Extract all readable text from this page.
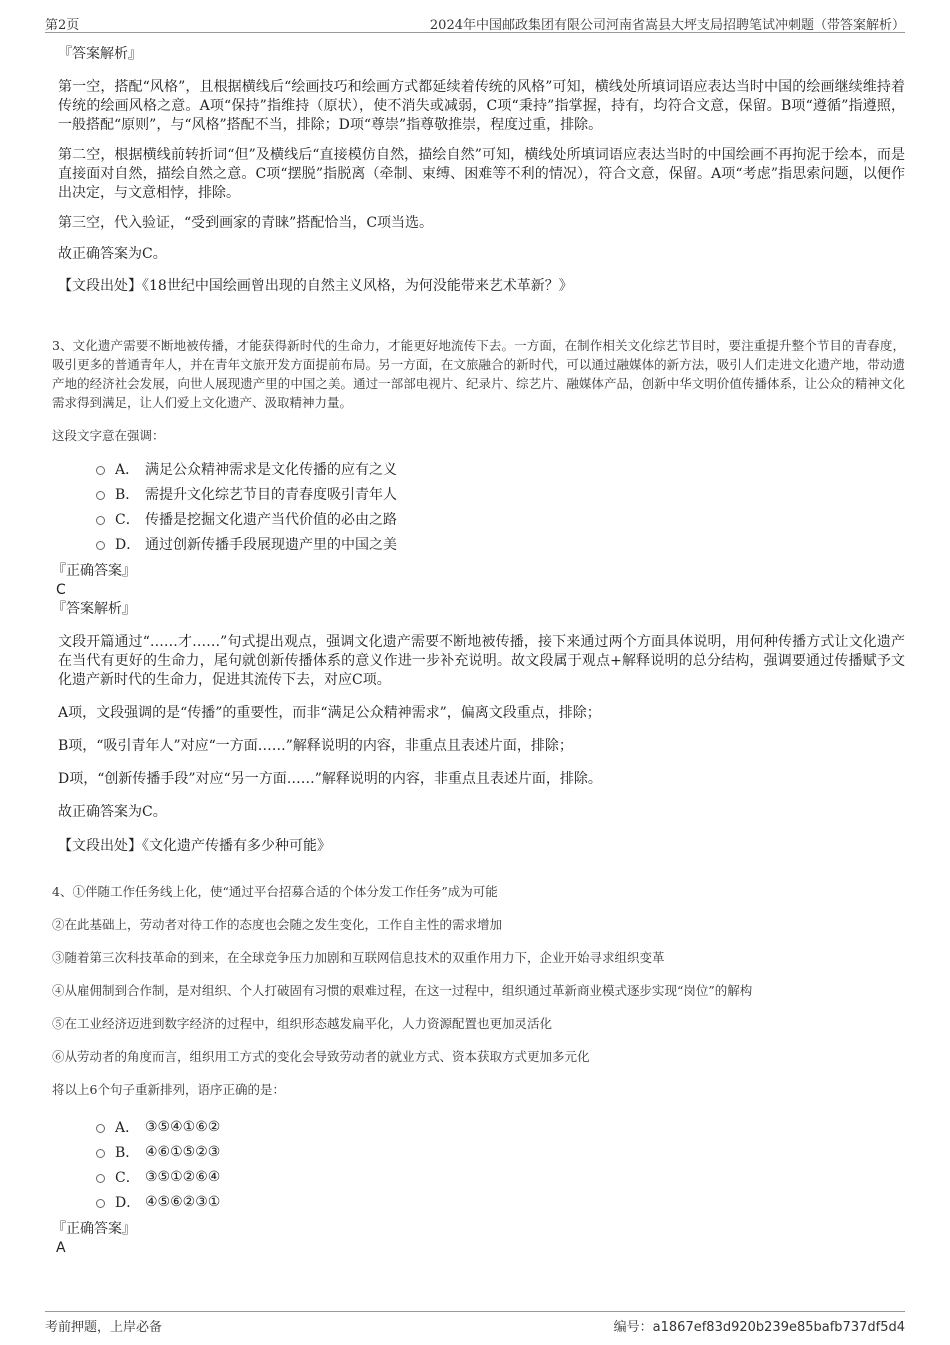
第2页	2024年中国邮政集团有限公司河南省嵩县大坪支局招聘笔试冲刺题（带答案解析）
『答案解析』

第一空，搭配“风格”，且根据横线后“绘画技巧和绘画方式都延续着传统的风格”可知，横线处所填词语应表达当时中国的绘画继续维持着传统的绘画风格之意。A项“保持”指维持（原状），使不消失或减弱，C项“秉持”指掌握，持有，均符合文意，保留。B项“遵循”指遵照，一般搭配“原则”，与“风格”搭配不当，排除；D项“尊崇”指尊敬推崇，程度过重，排除。

第二空，根据横线前转折词“但”及横线后“直接模仿自然，描绘自然”可知，横线处所填词语应表达当时的中国绘画不再拘泥于绘本，而是直接面对自然，描绘自然之意。C项“摆脱”指脱离（牵制、束缚、困难等不利的情况），符合文意，保留。A项“考虑”指思索问题，以便作出决定，与文意相悖，排除。

第三空，代入验证，“受到画家的青睐”搭配恰当，C项当选。

故正确答案为C。

【文段出处】《18世纪中国绘画曾出现的自然主义风格，为何没能带来艺术革新？》

3、文化遗产需要不断地被传播，才能获得新时代的生命力，才能更好地流传下去。一方面，在制作相关文化综艺节目时，要注重提升整个节目的青春度，吸引更多的普通青年人，并在青年文旅开发方面提前布局。另一方面，在文旅融合的新时代，可以通过融媒体的新方法，吸引人们走进文化遗产地，带动遗产地的经济社会发展，向世人展现遗产里的中国之美。通过一部部电视片、纪录片、综艺片、融媒体产品，创新中华文明价值传播体系，让公众的精神文化需求得到满足，让人们爱上文化遗产、汲取精神力量。

这段文字意在强调：

A． 满足公众精神需求是文化传播的应有之义
B． 需提升文化综艺节目的青春度吸引青年人
C． 传播是挖掘文化遗产当代价值的必由之路
D． 通过创新传播手段展现遗产里的中国之美

『正确答案』

C

『答案解析』

文段开篇通过“……才……”句式提出观点，强调文化遗产需要不断地被传播，接下来通过两个方面具体说明，用何种传播方式让文化遗产在当代有更好的生命力，尾句就创新传播体系的意义作进一步补充说明。故文段属于观点+解释说明的总分结构，强调要通过传播赋予文化遗产新时代的生命力，促进其流传下去，对应C项。

A项，文段强调的是“传播”的重要性，而非“满足公众精神需求”，偏离文段重点，排除；

B项，“吸引青年人”对应“一方面……”解释说明的内容，非重点且表述片面，排除；

D项，“创新传播手段”对应“另一方面……”解释说明的内容，非重点且表述片面，排除。

故正确答案为C。

【文段出处】《文化遗产传播有多少种可能》

4、①伴随工作任务线上化，使“通过平台招募合适的个体分发工作任务”成为可能

②在此基础上，劳动者对待工作的态度也会随之发生变化，工作自主性的需求增加

③随着第三次科技革命的到来，在全球竞争压力加剧和互联网信息技术的双重作用力下，企业开始寻求组织变革

④从雇佣制到合作制，是对组织、个人打破固有习惯的艰难过程，在这一过程中，组织通过革新商业模式逐步实现“岗位”的解构

⑤在工业经济迈进到数字经济的过程中，组织形态越发扁平化，人力资源配置也更加灵活化

⑥从劳动者的角度而言，组织用工方式的变化会导致劳动者的就业方式、资本获取方式更加多元化

将以上6个句子重新排列，语序正确的是：

A． ③⑤④①⑥②
B． ④⑥①⑤②③
C． ③⑤①②⑥④
D． ④⑤⑥②③①

『正确答案』

A

考前押题，上岸必备	编号：a1867ef83d920b239e85bafb737df5d4
